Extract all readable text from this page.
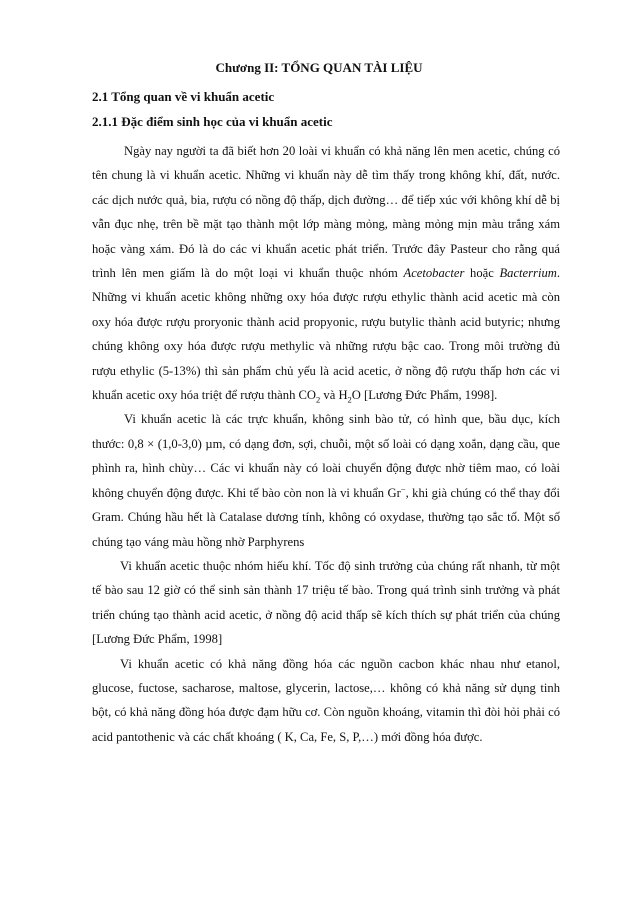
Chương II: TỔNG QUAN TÀI LIỆU
2.1 Tổng quan về vi khuẩn acetic
2.1.1 Đặc điểm sinh học của vi khuẩn acetic

Ngày nay người ta đã biết hơn 20 loài vi khuẩn có khả năng lên men acetic, chúng có tên chung là vi khuẩn acetic. Những vi khuẩn này dễ tìm thấy trong không khí, đất, nước. các dịch nước quả, bia, rượu có nồng độ thấp, dịch đường… để tiếp xúc với không khí dễ bị vẫn đục nhẹ, trên bề mặt tạo thành một lớp màng mỏng, màng mỏng mịn màu trắng xám hoặc vàng xám. Đó là do các vi khuẩn acetic phát triển. Trước đây Pasteur cho rằng quá trình lên men giấm là do một loại vi khuẩn thuộc nhóm Acetobacter hoặc Bacterrium. Những vi khuẩn acetic không những oxy hóa được rượu ethylic thành acid acetic mà còn oxy hóa được rượu proryonic thành acid propyonic, rượu butylic thành acid butyric; nhưng chúng không oxy hóa được rượu methylic và những rượu bậc cao. Trong môi trường đủ rượu ethylic (5-13%) thì sản phẩm chủ yếu là acid acetic, ở nồng độ rượu thấp hơn các vi khuẩn acetic oxy hóa triệt để rượu thành $CO_2$ và $H_2O$ [Lương Đức Phẩm, 1998].

Vi khuẩn acetic là các trực khuẩn, không sinh bào tử, có hình que, bầu dục, kích thước: 0,8 × (1,0-3,0) µm, có dạng đơn, sợi, chuỗi, một số loài có dạng xoắn, dạng cầu, que phình ra, hình chùy… Các vi khuẩn này có loài chuyển động được nhờ tiêm mao, có loài không chuyển động được. Khi tế bào còn non là vi khuẩn Gr−, khi già chúng có thể thay đổi Gram. Chúng hầu hết là Catalase dương tính, không có oxydase, thường tạo sắc tố. Một số chúng tạo váng màu hồng nhờ Parphyrens

Vi khuẩn acetic thuộc nhóm hiếu khí. Tốc độ sinh trưởng của chúng rất nhanh, từ một tế bào sau 12 giờ có thể sinh sản thành 17 triệu tế bào. Trong quá trình sinh trưởng và phát triển chúng tạo thành acid acetic, ở nồng độ acid thấp sẽ kích thích sự phát triển của chúng [Lương Đức Phẩm, 1998]

Vi khuẩn acetic có khả năng đồng hóa các nguồn cacbon khác nhau như etanol, glucose, fuctose, sacharose, maltose, glycerin, lactose,… không có khả năng sử dụng tinh bột, có khả năng đồng hóa được đạm hữu cơ. Còn nguồn khoáng, vitamin thì đòi hỏi phải có acid pantothenic và các chất khoáng ( K, Ca, Fe, S, P,…) mới đồng hóa được.
